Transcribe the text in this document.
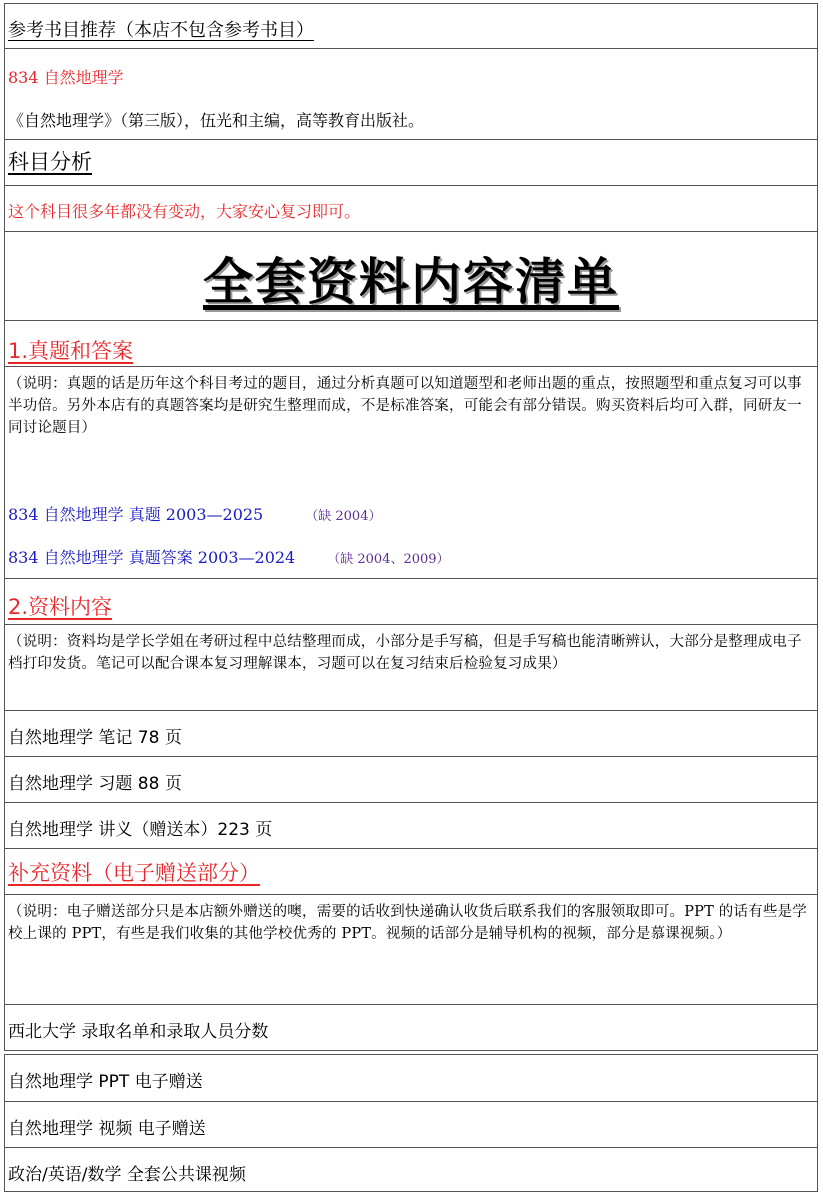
参考书目推荐（本店不包含参考书目）
834 自然地理学
《自然地理学》（第三版），伍光和主编，高等教育出版社。
科目分析
这个科目很多年都没有变动，大家安心复习即可。
全套资料内容清单
1.真题和答案
（说明：真题的话是历年这个科目考过的题目，通过分析真题可以知道题型和老师出题的重点，按照题型和重点复习可以事半功倍。另外本店有的真题答案均是研究生整理而成，不是标准答案，可能会有部分错误。购买资料后均可入群，同研友一同讨论题目）
834 自然地理学 真题 2003—2025	（缺 2004）
834 自然地理学 真题答案 2003—2024 （缺 2004、2009）
2.资料内容
（说明：资料均是学长学姐在考研过程中总结整理而成，小部分是手写稿，但是手写稿也能清晰辨认，大部分是整理成电子档打印发货。笔记可以配合课本复习理解课本，习题可以在复习结束后检验复习成果）
自然地理学 笔记 78 页
自然地理学 习题 88 页
自然地理学 讲义（赠送本）223 页
补充资料（电子赠送部分）
（说明：电子赠送部分只是本店额外赠送的噢，需要的话收到快递确认收货后联系我们的客服领取即可。PPT 的话有些是学校上课的 PPT，有些是我们收集的其他学校优秀的 PPT。视频的话部分是辅导机构的视频，部分是慕课视频。）
西北大学 录取名单和录取人员分数
自然地理学 PPT 电子赠送
自然地理学 视频 电子赠送
政治/英语/数学 全套公共课视频
